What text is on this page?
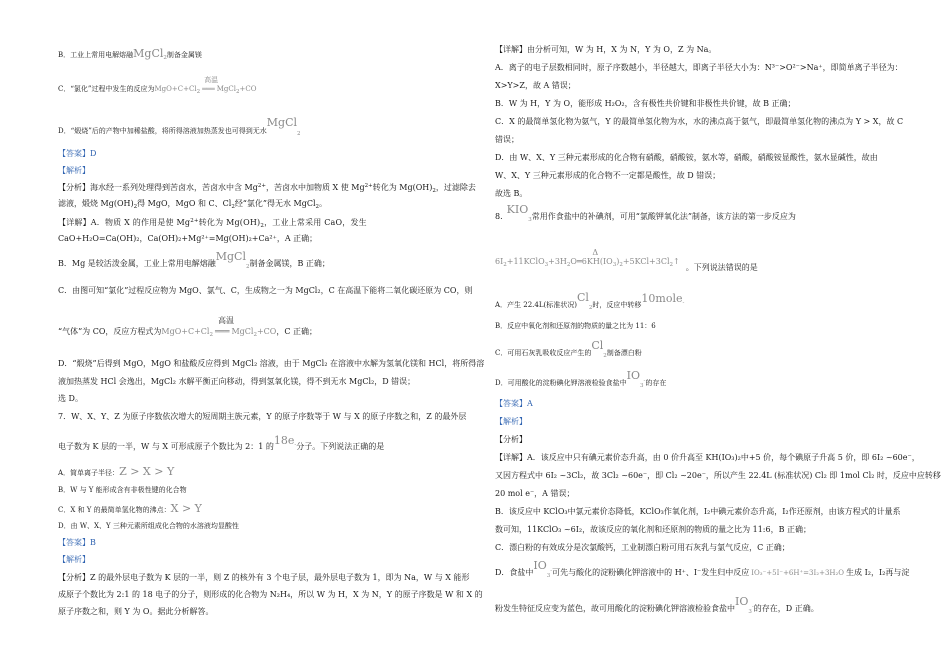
B．工业上常用电解熔融MgCl$_2$制备金属镁
C．“氯化”过程中发生的反应为$MgO+C+Cl_2$
高温
═══ MgCl$_2$+CO
D．“煅烧”后的产物中加稀盐酸，将所得溶液加热蒸发也可得到无水MgCl$_2$
【答案】D
【解析】
【分析】海水经一系列处理得到苦卤水，苦卤水中含 $Mg^{2+}$，苦卤水中加物质 X 使 $Mg^{2+}$转化为 $Mg(OH)_2$，过滤除去
滤液，煅烧 $Mg(OH)_2$得 MgO，MgO 和 C、$Cl_2$经“氯化”得无水 MgCl$_2$。
【详解】A．物质 X 的作用是使 $Mg^{2+}$转化为 $Mg(OH)_2$，工业上常采用 CaO，发生
CaO+H₂O=Ca(OH)₂，Ca(OH)₂+Mg²⁺=Mg(OH)₂+Ca²⁺，A 正确；
B．Mg 是较活泼金属，工业上常用电解熔融MgCl$_2$制备金属镁，B 正确；
C．由图可知“氯化”过程反应物为 MgO、氯气、C，生成物之一为 MgCl₂，C 在高温下能将二氧化碳还原为 CO，则
“气体”为 CO，反应方程式为$MgO+C+Cl_2$
高温
═══ MgCl$_2$+CO，C 正确；
D．“煅烧”后得到 MgO，MgO 和盐酸反应得到 MgCl₂ 溶液，由于 MgCl₂ 在溶液中水解为氢氧化镁和 HCl，将所得溶
液加热蒸发 HCl 会逸出，MgCl₂ 水解平衡正向移动，得到氢氧化镁，得不到无水 MgCl₂，D 错误；
选 D。
7．W、X、Y、Z 为原子序数依次增大的短周期主族元素，Y 的原子序数等于 W 与 X 的原子序数之和，Z 的最外层
电子数为 K 层的一半，W 与 X 可形成原子个数比为 2：1 的18e-分子。下列说法正确的是
A．简单离子半径：Z > X > Y
B．W 与 Y 能形成含有非极性键的化合物
C．X 和 Y 的最简单氢化物的沸点：X > Y
D．由 W、X、Y 三种元素所组成化合物的水溶液均显酸性
【答案】B
【解析】
【分析】Z 的最外层电子数为 K 层的一半，则 Z 的核外有 3 个电子层，最外层电子数为 1，即为 Na，W 与 X 能形
成原子个数比为 2:1 的 18 电子的分子，则形成的化合物为 N₂H₄，所以 W 为 H，X 为 N，Y 的原子序数是 W 和 X 的
原子序数之和，则 Y 为 O。据此分析解答。
【详解】由分析可知，W 为 H，X 为 N，Y 为 O，Z 为 Na。
A．离子的电子层数相同时，原子序数越小，半径越大，即离子半径大小为：N³⁻>O²⁻>Na⁺，即简单离子半径为：
X>Y>Z，故 A 错误；
B．W 为 H，Y 为 O，能形成 H₂O₂，含有极性共价键和非极性共价键，故 B 正确；
C．X 的最简单氢化物为氨气，Y 的最简单氢化物为水，水的沸点高于氨气，即最简单氢化物的沸点为 Y > X，故 C
错误；
D．由 W、X、Y 三种元素形成的化合物有硝酸，硝酸铵，氨水等，硝酸，硝酸铵显酸性，氨水显碱性，故由
W、X、Y 三种元素形成的化合物不一定都是酸性，故 D 错误；
故选 B。
$8.KIO_3$常用作食盐中的补碘剂，可用“氯酸钾氧化法”制备，该方法的第一步反应为
$6I_2+11KClO_3+3H_2$
Δ
$O═6KH(IO_3)_2+5KCl+3Cl_2↑$。下列说法错误的是
A．产生 22.4L(标准状况)$Cl_2$时，反应中转移10mole-
B．反应中氧化剂和还原剂的物质的量之比为 11：6
C．可用石灰乳吸收反应产生的$Cl_2$制备漂白粉
D．可用酸化的淀粉碘化钾溶液检验食盐中$IO_3^-$的存在
【答案】A
【解析】
【分析】
【详解】A．该反应中只有碘元素价态升高，由 0 价升高至 KH(IO₃)₂中+5 价，每个碘原子升高 5 价，即 6I₂ ~60e⁻，
又因方程式中 6I₂ ~3Cl₂，故 3Cl₂ ~60e⁻，即 Cl₂ ~20e⁻，所以产生 22.4L (标准状况) Cl₂ 即 1mol Cl₂ 时，反应中应转移
20 mol e⁻，A 错误；
B．该反应中 KClO₃中氯元素价态降低，KClO₃作氧化剂，I₂中碘元素价态升高，I₂作还原剂，由该方程式的计量系
数可知，11KClO₃ ~6I₂，故该反应的氧化剂和还原剂的物质的量之比为 11:6，B 正确；
C．漂白粉的有效成分是次氯酸钙，工业制漂白粉可用石灰乳与氯气反应，C 正确；
D．食盐中$IO_3^-$可先与酸化的淀粉碘化钾溶液中的 H⁺、I⁻发生归中反应 IO₃⁻+5I⁻+6H⁺=3I₂+3H₂O 生成 I₂，I₂再与淀
粉发生特征反应变为蓝色，故可用酸化的淀粉碘化钾溶液检验食盐中$IO_3^-$的存在，D 正确。
